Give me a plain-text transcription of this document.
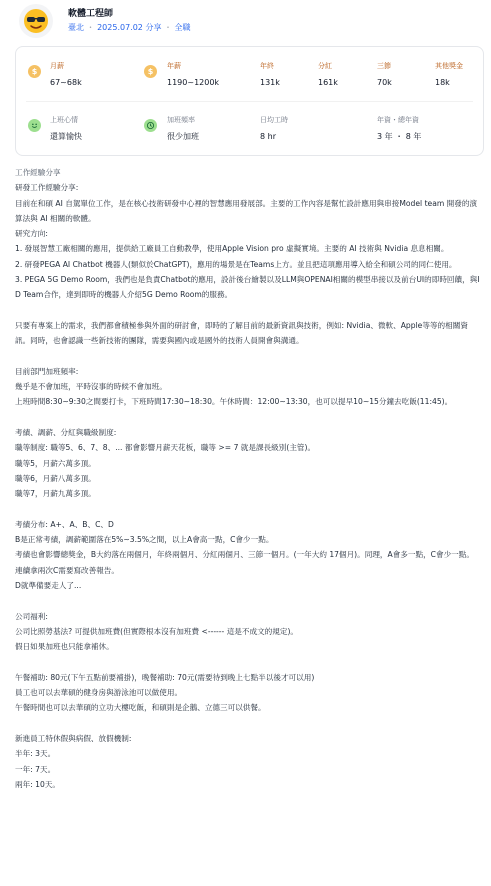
軟體工程師
臺北 ・ 2025.07.02 分享 ・ 全職
$
月薪
67~68k
$
年薪
1190~1200k
年終
131k
分紅
161k
三節
70k
其他獎金
18k
上班心情
還算愉快
加班頻率
很少加班
日均工時
8 hr
年資・總年資
3 年 ・ 8 年

工作經驗分享

研發工作經驗分享:

目前在和碩 AI 自駕單位工作，是在核心技術研發中心裡的智慧應用發展部。主要的工作內容是幫忙設計應用與串接Model team 開發的演算法與 AI 相關的軟體。

研究方向:

1. 發展智慧工廠相關的應用，提供給工廠員工自動教學，使用Apple Vision pro 虛擬實境。主要的 AI 技術與 Nvidia 息息相關。

2. 研發PEGA AI Chatbot 機器人(類似於ChatGPT)，應用的場景是在Teams上方。並且把這項應用導入給全和碩公司的同仁使用。

3. PEGA 5G Demo Room，我們也是負責Chatbot的應用，設計後台繪製以及LLM與OPENAI相關的模型串接以及前台UI的即時回饋，與ID Team合作，達到即時的機器人介紹5G Demo Room的服務。

只要有專案上的需求，我們都會積極參與外面的研討會，即時的了解目前的最新資訊與技術，例如: Nvidia、微軟、Apple等等的相關資訊。同時，也會認識一些新技術的團隊，需要與國內或是國外的技術人員開會與溝通。

目前部門加班頻率:

幾乎是不會加班，平時沒事的時候不會加班。

上班時間8:30~9:30之間要打卡，下班時間17:30~18:30。午休時間：12:00~13:30，也可以提早10~15分鐘去吃飯(11:45)。

考績、調薪、分紅與職級制度:

職等制度: 職等5、6、7、8、... 都會影響月薪天花板，職等 >= 7 就是課長級別(主管)。

職等5，月薪六萬多頂。

職等6，月薪八萬多頂。

職等7，月薪九萬多頂。

考績分布: A+、A、B、C、D

B是正常考績，調薪範圍落在5%~3.5%之間，以上A會高一點，C會少一點。

考績也會影響總獎金，B大約落在兩個月，年終兩個月、分紅兩個月、三節一個月。(一年大約 17個月)。同理，A會多一點，C會少一點。

連續拿兩次C需要寫改善報告。

D就準備要走人了...

公司福利:

公司比照勞基法? 可提供加班費(但實際根本沒有加班費 <------ 這是不成文的規定)。

假日如果加班也只能拿補休。

午餐補助: 80元(下午五點前要補掛)，晚餐補助: 70元(需要待到晚上七點半以後才可以用)

員工也可以去華碩的健身房與游泳池可以做使用。

午餐時間也可以去華碩的立功大樓吃飯，和碩則是企鵝、立德三可以供餐。

新進員工特休假與病假、放假機制:

半年: 3天。

一年: 7天。

兩年: 10天。
